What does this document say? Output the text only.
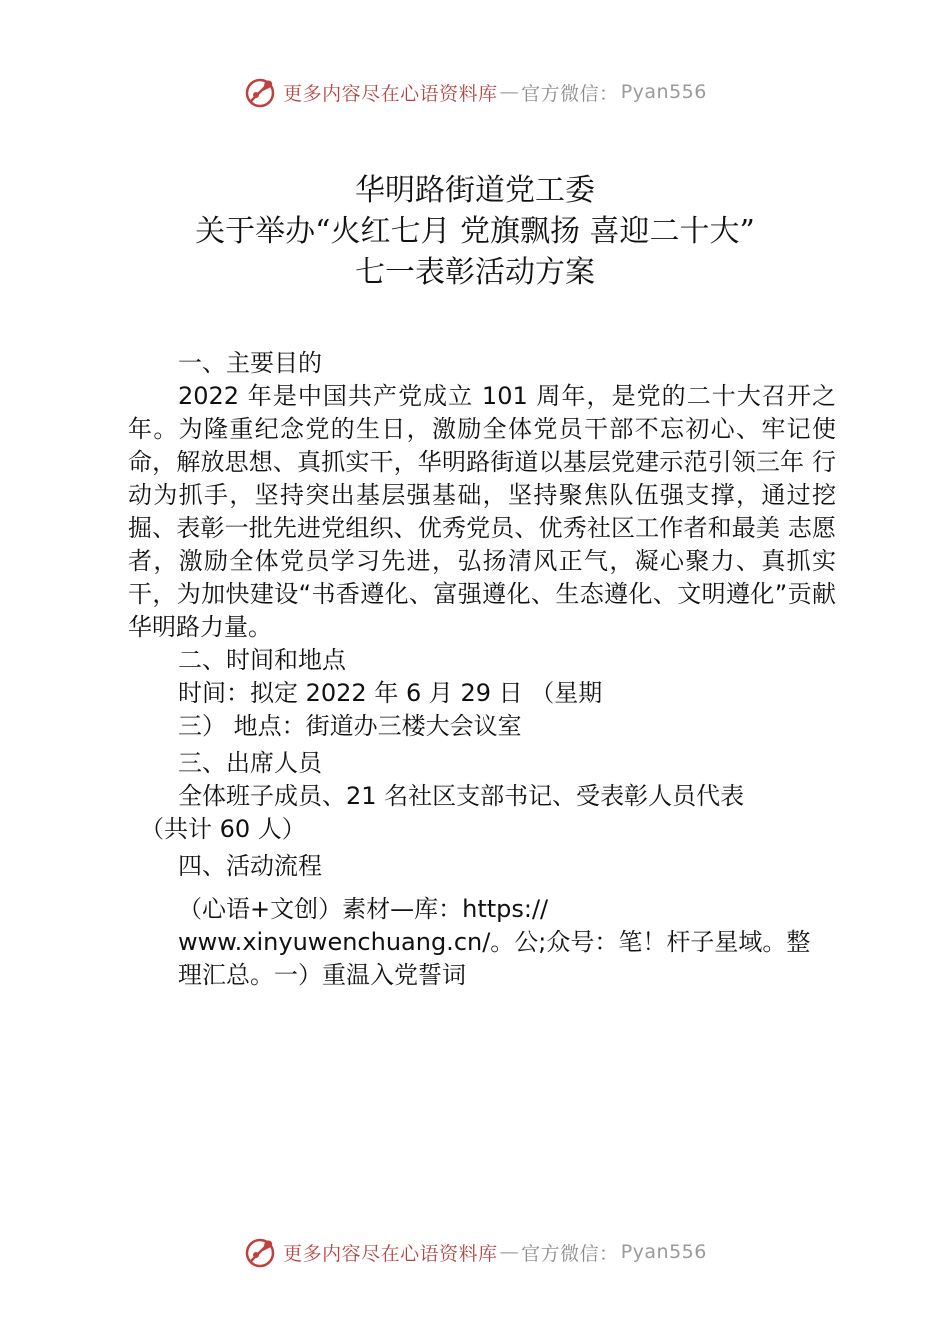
更多内容尽在心语资料库 — 官方微信： Pyan556
华明路街道党工委
关于举办“火红七月 党旗飘扬 喜迎二十大”
七一表彰活动方案

一、主要目的

2022 年是中国共产党成立 101 周年，是党的二十大召开之年。为隆重纪念党的生日，激励全体党员干部不忘初心、牢记使命，解放思想、真抓实干，华明路街道以基层党建示范引领三年 行动为抓手，坚持突出基层强基础，坚持聚焦队伍强支撑，通过挖掘、表彰一批先进党组织、优秀党员、优秀社区工作者和最美 志愿者，激励全体党员学习先进，弘扬清风正气，凝心聚力、真抓实干，为加快建设“书香遵化、富强遵化、生态遵化、文明遵化”贡献华明路力量。

二、时间和地点

时间：拟定 2022 年 6 月 29 日 （星期

三） 地点：街道办三楼大会议室

三、出席人员

全体班子成员、21 名社区支部书记、受表彰人员代表

（共计 60 人）

四、活动流程

（心语+文创）素材—库：https://

www.xinyuwenchuang.cn/。公;众号：笔！杆子星域。整

理汇总。一）重温入党誓词

更多内容尽在心语资料库 — 官方微信： Pyan556
